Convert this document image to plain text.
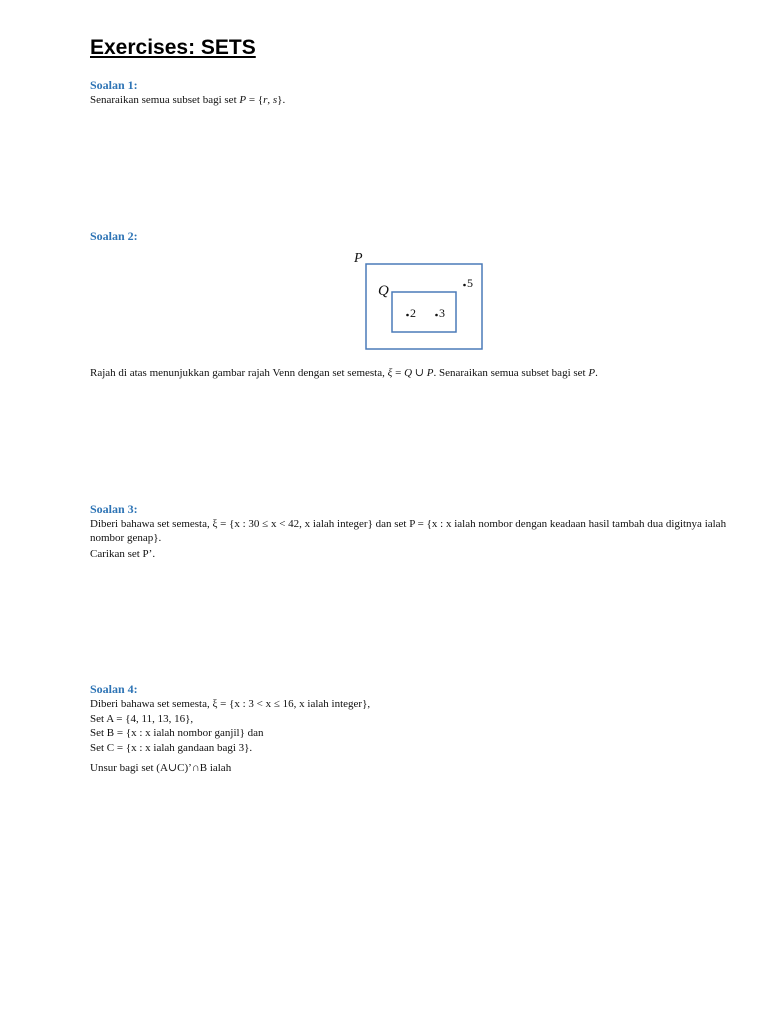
Exercises: SETS
Soalan 1:

Senaraikan semua subset bagi set P = {r, s}.

Soalan 2:
P
Q	5
2 3

Rajah di atas menunjukkan gambar rajah Venn dengan set semesta, ξ = Q ∪ P. Senaraikan semua subset bagi set P.

Soalan 3:

Diberi bahawa set semesta, ξ = {x : 30 ≤ x < 42, x ialah integer} dan set P = {x : x ialah nombor dengan keadaan hasil tambah dua digitnya ialah nombor genap}.

Carikan set P’.

Soalan 4:

Diberi bahawa set semesta, ξ = {x : 3 < x ≤ 16, x ialah integer},

Set A = {4, 11, 13, 16},

Set B = {x : x ialah nombor ganjil} dan

Set C = {x : x ialah gandaan bagi 3}.

Unsur bagi set (A∪C)’∩B ialah
